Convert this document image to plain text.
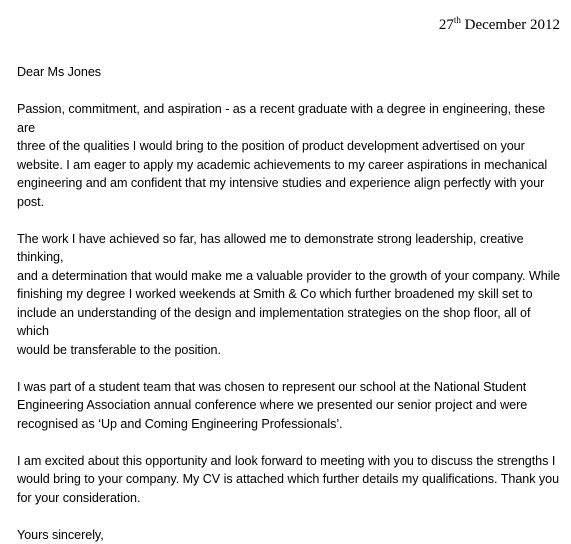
27th December 2012

Dear Ms Jones

Passion, commitment, and aspiration - as a recent graduate with a degree in engineering, these are
three of the qualities I would bring to the position of product development advertised on your
website. I am eager to apply my academic achievements to my career aspirations in mechanical
engineering and am confident that my intensive studies and experience align perfectly with your
post.

The work I have achieved so far, has allowed me to demonstrate strong leadership, creative thinking,
and a determination that would make me a valuable provider to the growth of your company. While
finishing my degree I worked weekends at Smith & Co which further broadened my skill set to
include an understanding of the design and implementation strategies on the shop floor, all of which
would be transferable to the position.

I was part of a student team that was chosen to represent our school at the National Student
Engineering Association annual conference where we presented our senior project and were
recognised as ‘Up and Coming Engineering Professionals’.

I am excited about this opportunity and look forward to meeting with you to discuss the strengths I
would bring to your company. My CV is attached which further details my qualifications. Thank you
for your consideration.

Yours sincerely,
